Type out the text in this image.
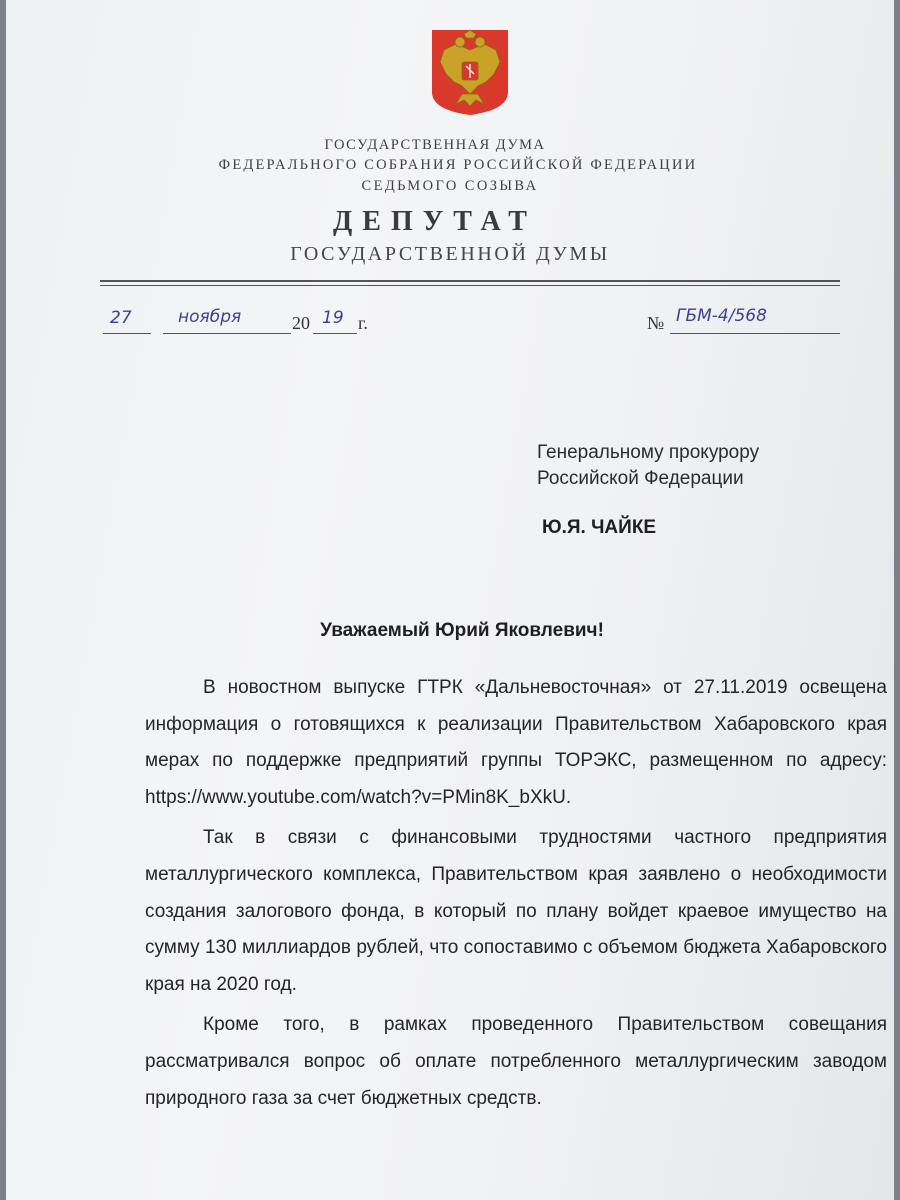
ГОСУДАРСТВЕННАЯ ДУМА
ФЕДЕРАЛЬНОГО СОБРАНИЯ РОССИЙСКОЙ ФЕДЕРАЦИИ
СЕДЬМОГО СОЗЫВА
ДЕПУТАТ
ГОСУДАРСТВЕННОЙ ДУМЫ
27	ноября	20 19 г.	№ ГБМ-4/568
Генеральному прокурору
Российской Федерации
Ю.Я. ЧАЙКЕ
Уважаемый Юрий Яковлевич!

В новостном выпуске ГТРК «Дальневосточная» от 27.11.2019 освещена информация о готовящихся к реализации Правительством Хабаровского края мерах по поддержке предприятий группы ТОРЭКС, размещенном по адресу: https://www.youtube.com/watch?v=PMin8K_bXkU.

Так в связи с финансовыми трудностями частного предприятия металлургического комплекса, Правительством края заявлено о необходимости создания залогового фонда, в который по плану войдет краевое имущество на сумму 130 миллиардов рублей, что сопоставимо с объемом бюджета Хабаровского края на 2020 год.

Кроме того, в рамках проведенного Правительством совещания рассматривался вопрос об оплате потребленного металлургическим заводом природного газа за счет бюджетных средств.
